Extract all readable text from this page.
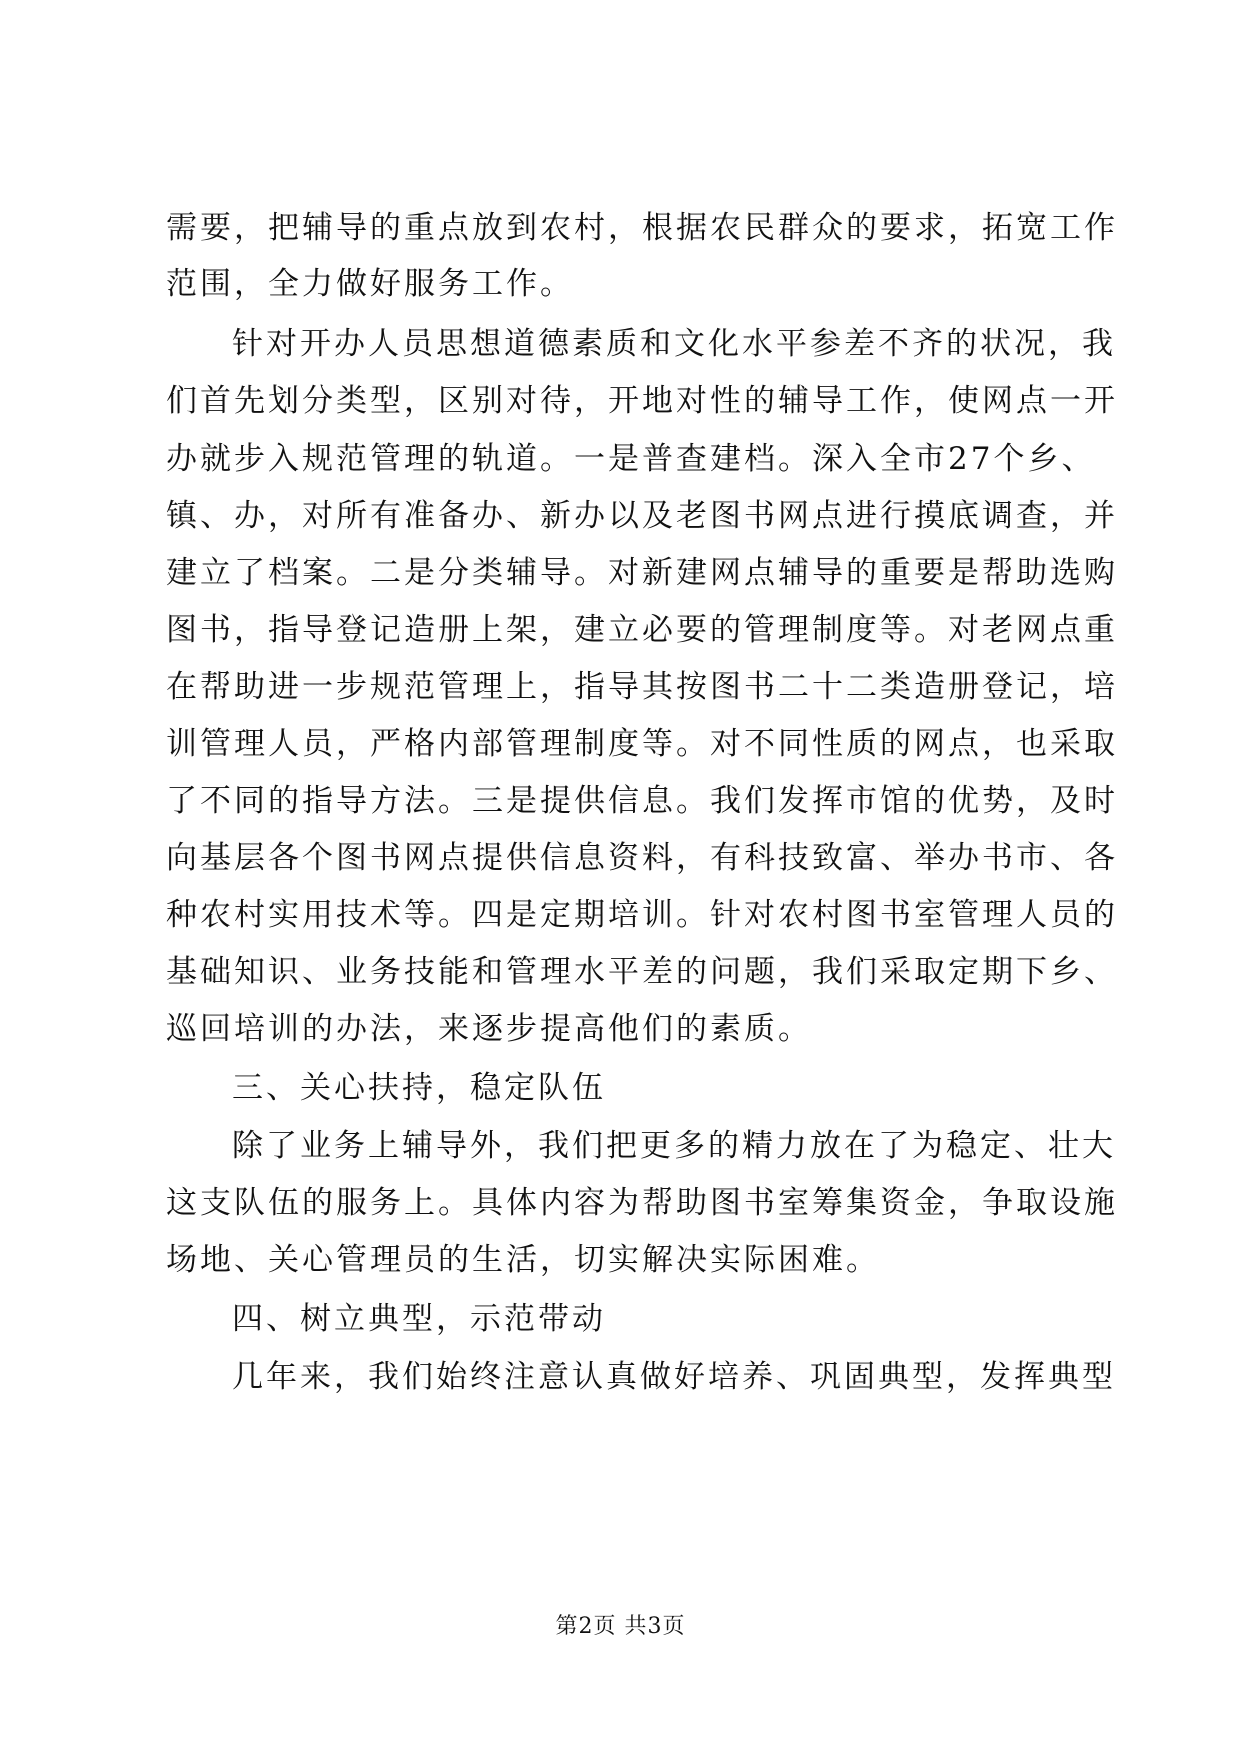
需要，把辅导的重点放到农村，根据农民群众的要求，拓宽工作
范围，全力做好服务工作。
针对开办人员思想道德素质和文化水平参差不齐的状况，我
们首先划分类型，区别对待，开地对性的辅导工作，使网点一开
办就步入规范管理的轨道。一是普查建档。深入全市27个乡、
镇、办，对所有准备办、新办以及老图书网点进行摸底调查，并
建立了档案。二是分类辅导。对新建网点辅导的重要是帮助选购
图书，指导登记造册上架，建立必要的管理制度等。对老网点重
在帮助进一步规范管理上，指导其按图书二十二类造册登记，培
训管理人员，严格内部管理制度等。对不同性质的网点，也采取
了不同的指导方法。三是提供信息。我们发挥市馆的优势，及时
向基层各个图书网点提供信息资料，有科技致富、举办书市、各
种农村实用技术等。四是定期培训。针对农村图书室管理人员的
基础知识、业务技能和管理水平差的问题，我们采取定期下乡、
巡回培训的办法，来逐步提高他们的素质。
三、关心扶持，稳定队伍
除了业务上辅导外，我们把更多的精力放在了为稳定、壮大
这支队伍的服务上。具体内容为帮助图书室筹集资金，争取设施
场地、关心管理员的生活，切实解决实际困难。
四、树立典型，示范带动
几年来，我们始终注意认真做好培养、巩固典型，发挥典型
第2页 共3页
